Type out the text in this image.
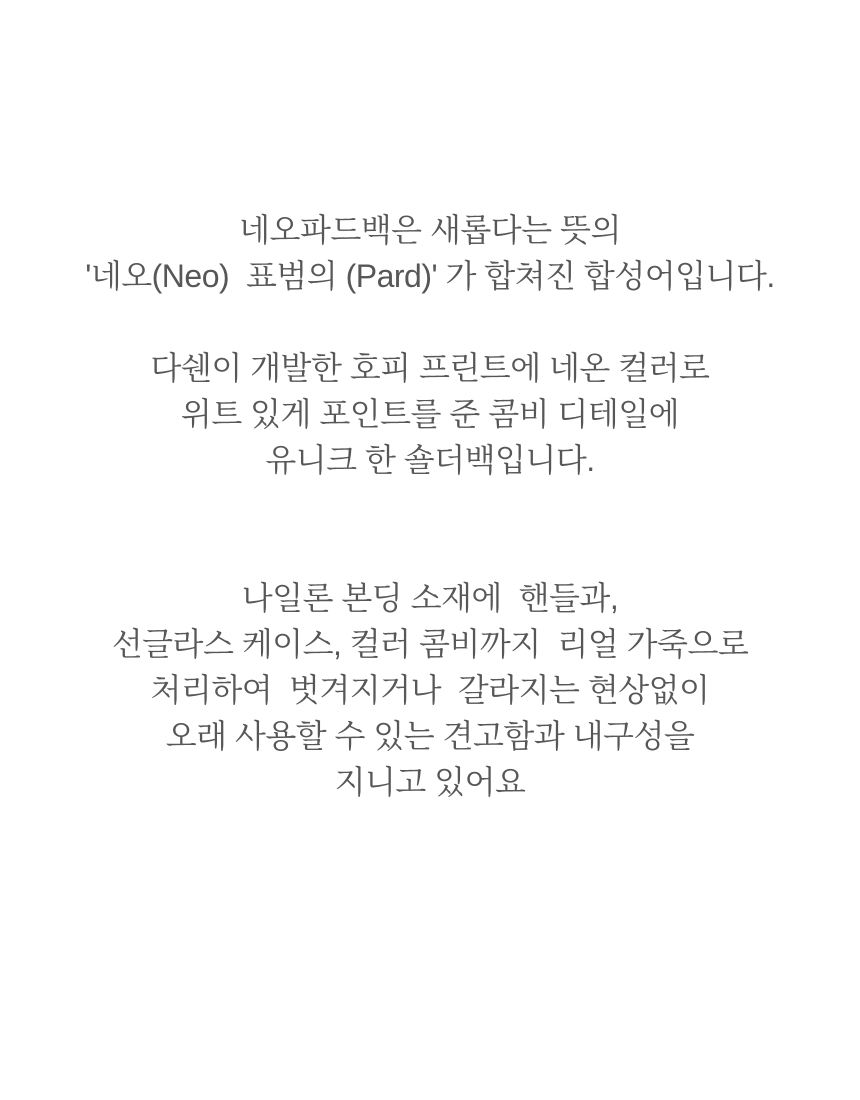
네오파드백은 새롭다는 뜻의
'네오(Neo)  표범의 (Pard)' 가 합쳐진 합성어입니다.
다쉔이 개발한 호피 프린트에 네온 컬러로
위트 있게 포인트를 준 콤비 디테일에
유니크 한 숄더백입니다.
나일론 본딩 소재에  핸들과,
선글라스 케이스, 컬러 콤비까지  리얼 가죽으로
처리하여  벗겨지거나  갈라지는 현상없이
오래 사용할 수 있는 견고함과 내구성을
지니고 있어요
